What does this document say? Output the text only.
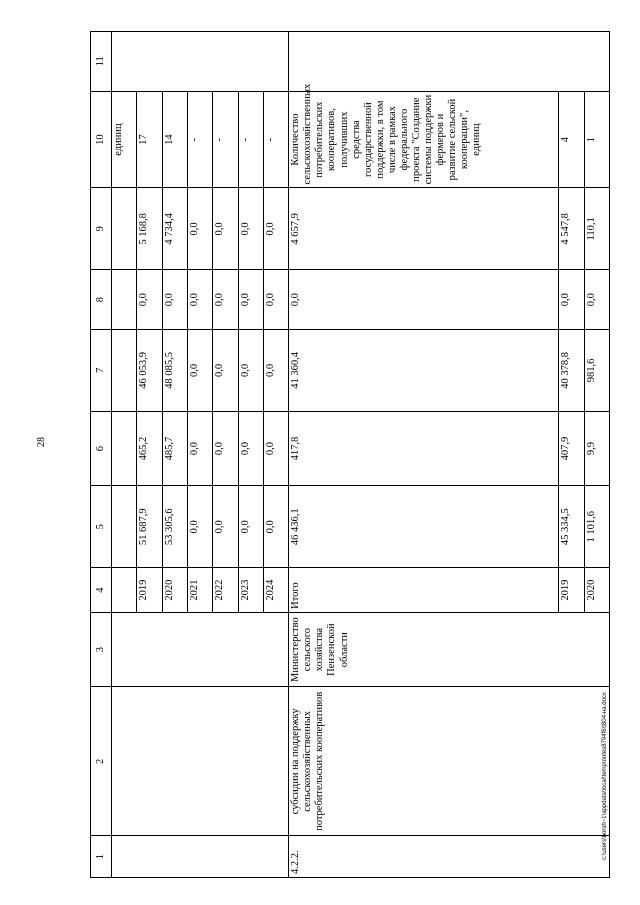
28
c:\users\borsh~1\appdata\local\temp\notes8794f6\t804-на.docx
1	2	3	4	5	6	7	8	9	10	11
									единиц	
			2019	51 687,9	465,2	46 053,9	0,0	5 168,8	17	
			2020	53 305,6	485,7	48 085,5	0,0	4 734,4	14	
			2021	0,0	0,0	0,0	0,0	0,0	-	
			2022	0,0	0,0	0,0	0,0	0,0	-	
			2023	0,0	0,0	0,0	0,0	0,0	-	
			2024	0,0	0,0	0,0	0,0	0,0	-	
4.2.2.	субсидии на поддержку сельскохозяйственных потребительских кооперативов	Министерство сельского хозяйства Пензенской области	Итого	46 436,1	417,8	41 360,4	0,0	4 657,9	Количество сельскохозяйственных потребительских кооперативов, получивших средства государственной поддержки, в том числе в рамках федерального проекта "Создание системы поддержки фермеров и развитие сельской кооперации", единиц	
			2019	45 334,5	407,9	40 378,8	0,0	4 547,8	4	
			2020	1 101,6	9,9	981,6	0,0	110,1	1	
